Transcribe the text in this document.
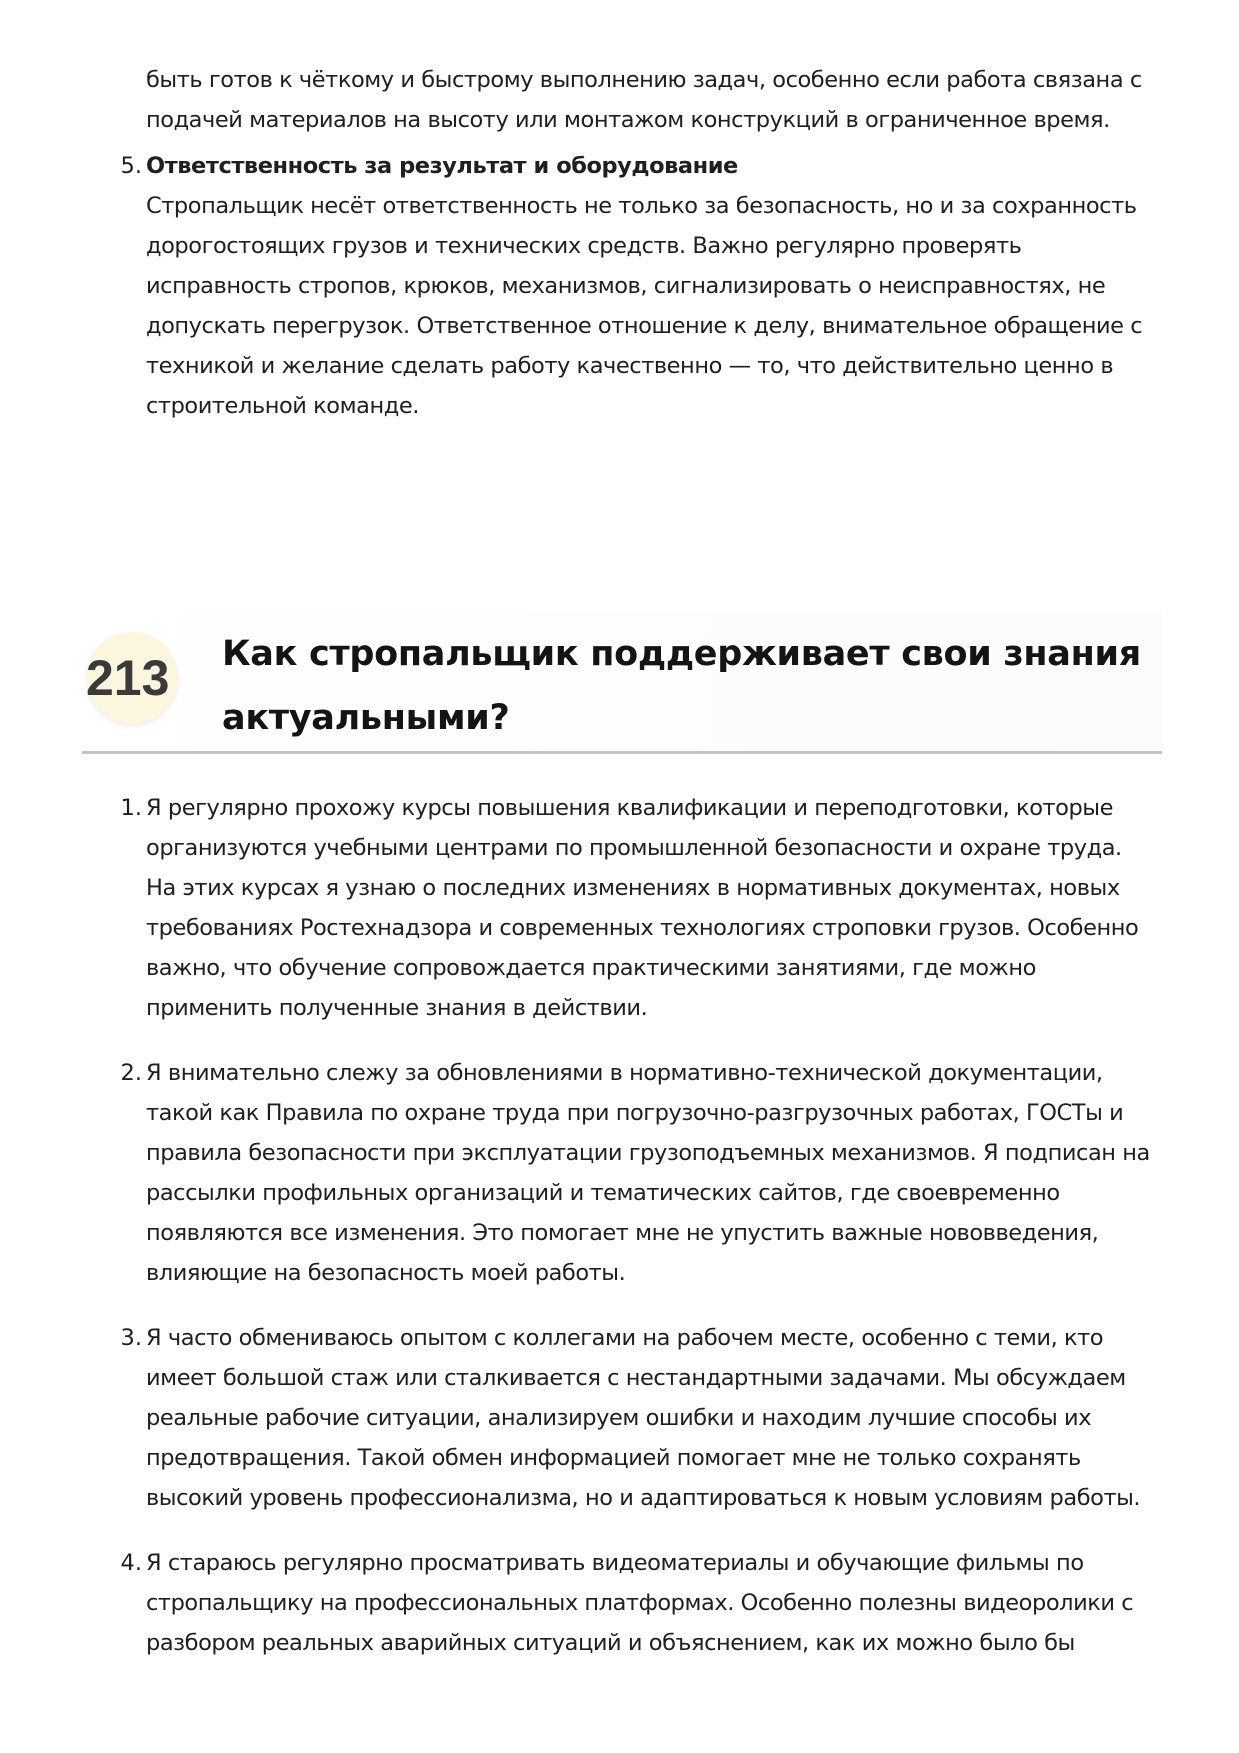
быть готов к чёткому и быстрому выполнению задач, особенно если работа связана с подачей материалов на высоту или монтажом конструкций в ограниченное время.

5. Ответственность за результат и оборудование
Стропальщик несёт ответственность не только за безопасность, но и за сохранность дорогостоящих грузов и технических средств. Важно регулярно проверять исправность стропов, крюков, механизмов, сигнализировать о неисправностях, не допускать перегрузок. Ответственное отношение к делу, внимательное обращение с техникой и желание сделать работу качественно — то, что действительно ценно в строительной команде.
213	Как стропальщик поддерживает свои знания актуальными?
1. Я регулярно прохожу курсы повышения квалификации и переподготовки, которые организуются учебными центрами по промышленной безопасности и охране труда. На этих курсах я узнаю о последних изменениях в нормативных документах, новых требованиях Ростехнадзора и современных технологиях строповки грузов. Особенно важно, что обучение сопровождается практическими занятиями, где можно применить полученные знания в действии.

2. Я внимательно слежу за обновлениями в нормативно-технической документации, такой как Правила по охране труда при погрузочно-разгрузочных работах, ГОСТы и правила безопасности при эксплуатации грузоподъемных механизмов. Я подписан на рассылки профильных организаций и тематических сайтов, где своевременно появляются все изменения. Это помогает мне не упустить важные нововведения, влияющие на безопасность моей работы.

3. Я часто обмениваюсь опытом с коллегами на рабочем месте, особенно с теми, кто имеет большой стаж или сталкивается с нестандартными задачами. Мы обсуждаем реальные рабочие ситуации, анализируем ошибки и находим лучшие способы их предотвращения. Такой обмен информацией помогает мне не только сохранять высокий уровень профессионализма, но и адаптироваться к новым условиям работы.

4. Я стараюсь регулярно просматривать видеоматериалы и обучающие фильмы по стропальщику на профессиональных платформах. Особенно полезны видеоролики с разбором реальных аварийных ситуаций и объяснением, как их можно было бы
